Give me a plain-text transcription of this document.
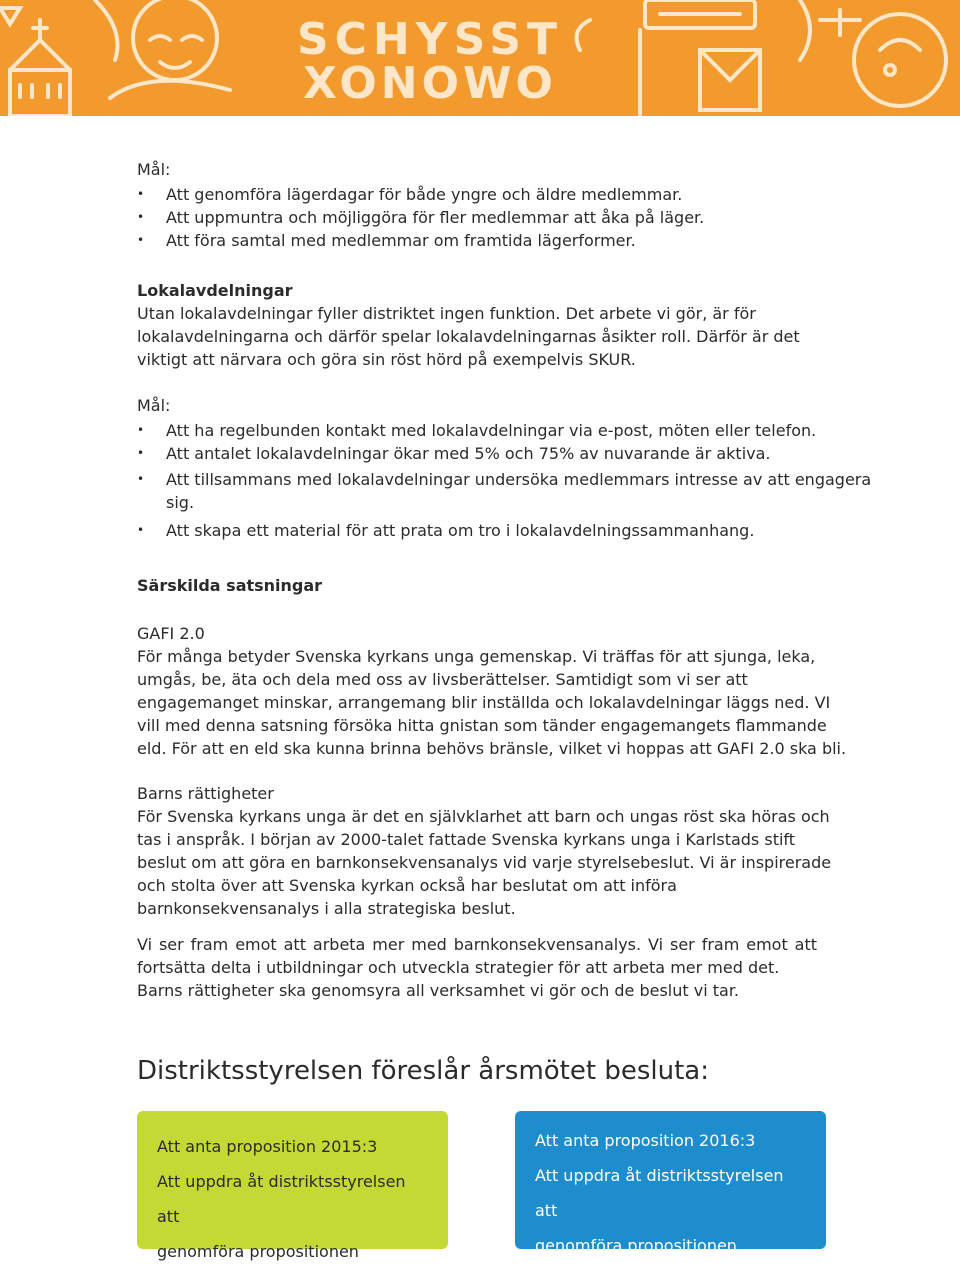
SCHYSST
XONOWO

Mål:

• Att genomföra lägerdagar för både yngre och äldre medlemmar.
• Att uppmuntra och möjliggöra för fler medlemmar att åka på läger.
• Att föra samtal med medlemmar om framtida lägerformer.

Lokalavdelningar

Utan lokalavdelningar fyller distriktet ingen funktion. Det arbete vi gör, är för lokalavdelningarna och därför spelar lokalavdelningarnas åsikter roll. Därför är det viktigt att närvara och göra sin röst hörd på exempelvis SKUR.

Mål:

• Att ha regelbunden kontakt med lokalavdelningar via e-post, möten eller telefon.
• Att antalet lokalavdelningar ökar med 5% och 75% av nuvarande är aktiva.
• Att tillsammans med lokalavdelningar undersöka medlemmars intresse av att engagera sig.
• Att skapa ett material för att prata om tro i lokalavdelningssammanhang.

Särskilda satsningar

GAFI 2.0

För många betyder Svenska kyrkans unga gemenskap. Vi träffas för att sjunga, leka, umgås, be, äta och dela med oss av livsberättelser. Samtidigt som vi ser att engagemanget minskar, arrangemang blir inställda och lokalavdelningar läggs ned. VI vill med denna satsning försöka hitta gnistan som tänder engagemangets flammande eld. För att en eld ska kunna brinna behövs bränsle, vilket vi hoppas att GAFI 2.0 ska bli.

Barns rättigheter

För Svenska kyrkans unga är det en självklarhet att barn och ungas röst ska höras och tas i anspråk. I början av 2000-talet fattade Svenska kyrkans unga i Karlstads stift beslut om att göra en barnkonsekvensanalys vid varje styrelsebeslut. Vi är inspirerade och stolta över att Svenska kyrkan också har beslutat om att införa barnkonsekvensanalys i alla strategiska beslut.

Vi ser fram emot att arbeta mer med barnkonsekvensanalys. Vi ser fram emot att fortsätta delta i utbildningar och utveckla strategier för att arbeta mer med det.

Barns rättigheter ska genomsyra all verksamhet vi gör och de beslut vi tar.

Distriktsstyrelsen föreslår årsmötet besluta:

Att anta proposition 2015:3
Att uppdra åt distriktsstyrelsen att
genomföra propositionen
Att anta proposition 2016:3
Att uppdra åt distriktsstyrelsen att
genomföra propositionen
